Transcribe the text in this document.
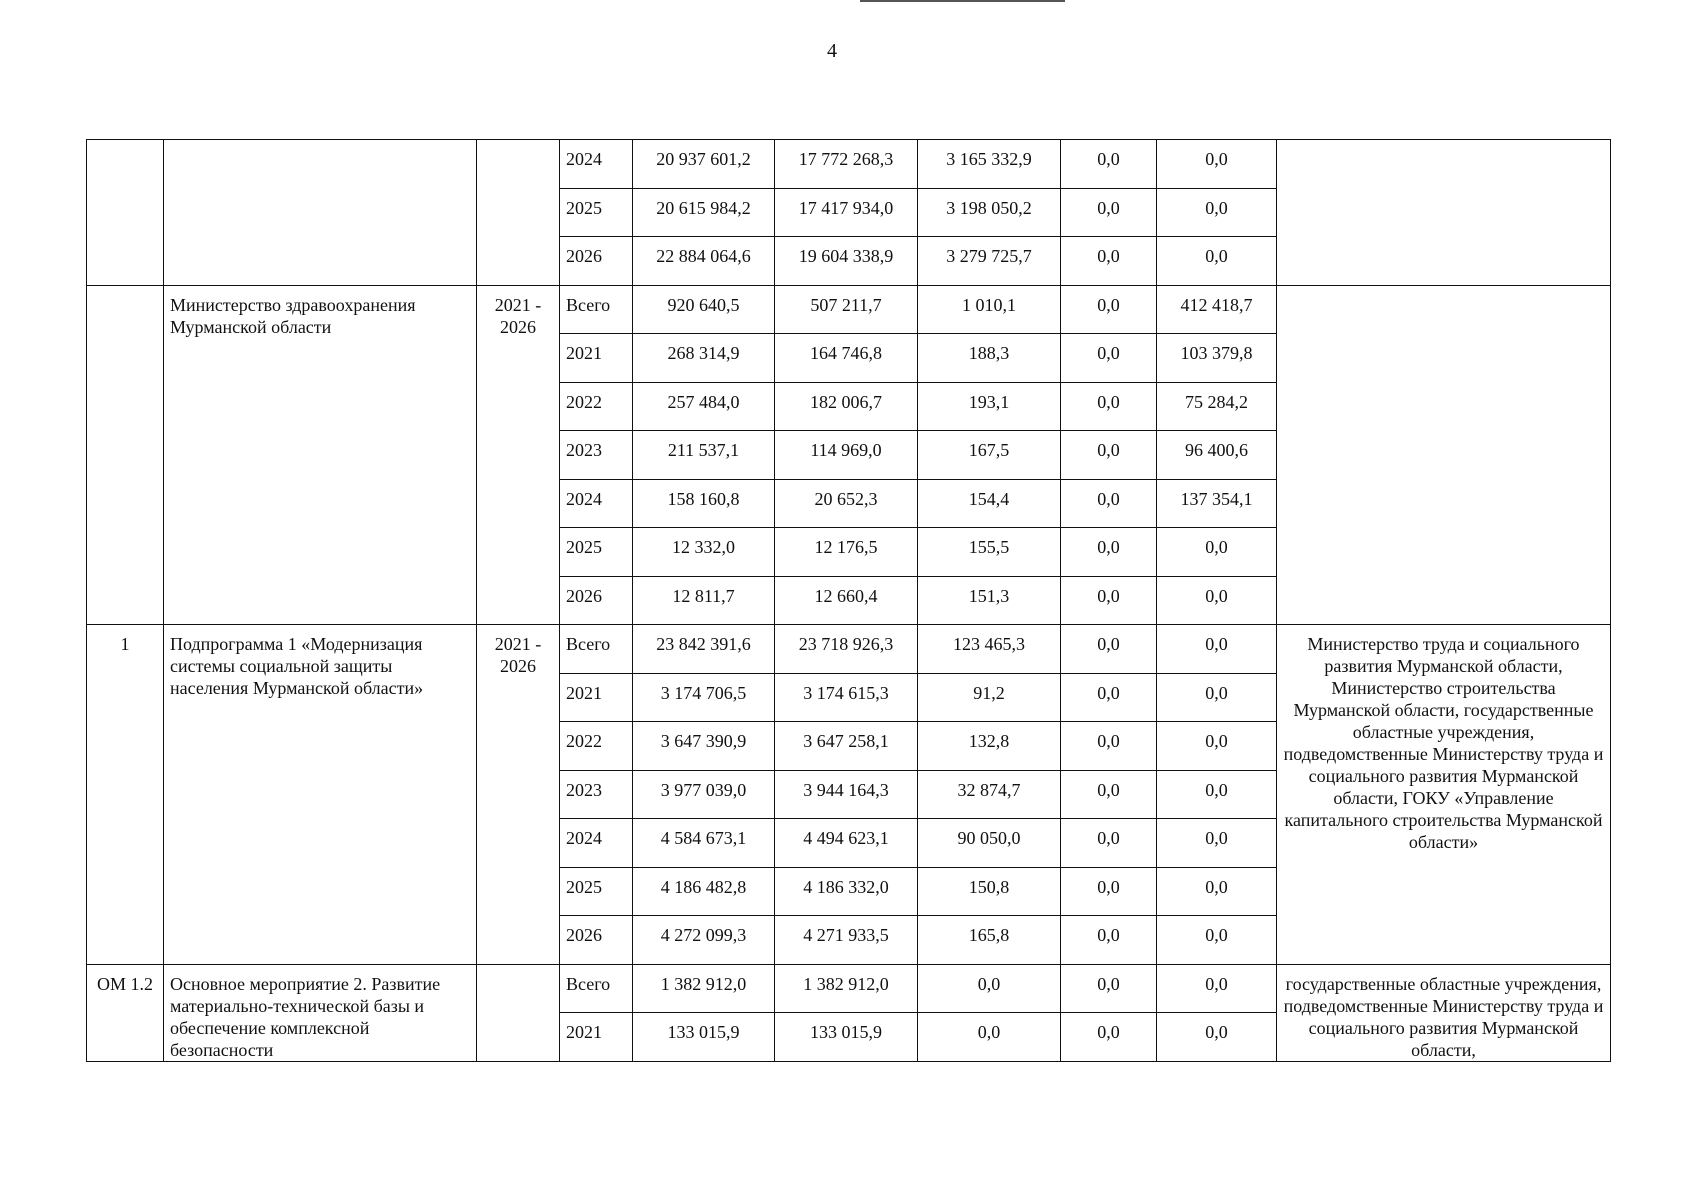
4
			2024	20 937 601,2	17 772 268,3	3 165 332,9	0,0	0,0	
			2025	20 615 984,2	17 417 934,0	3 198 050,2	0,0	0,0	
			2026	22 884 064,6	19 604 338,9	3 279 725,7	0,0	0,0	
	Министерство здравоохранения Мурманской области	2021 - 2026	Всего	920 640,5	507 211,7	1 010,1	0,0	412 418,7	
			2021	268 314,9	164 746,8	188,3	0,0	103 379,8	
			2022	257 484,0	182 006,7	193,1	0,0	75 284,2	
			2023	211 537,1	114 969,0	167,5	0,0	96 400,6	
			2024	158 160,8	20 652,3	154,4	0,0	137 354,1	
			2025	12 332,0	12 176,5	155,5	0,0	0,0	
			2026	12 811,7	12 660,4	151,3	0,0	0,0	
1	Подпрограмма 1 «Модернизация системы социальной защиты населения Мурманской области»	2021 - 2026	Всего	23 842 391,6	23 718 926,3	123 465,3	0,0	0,0	Министерство труда и социального развития Мурманской области, Министерство строительства Мурманской области, государственные областные учреждения, подведомственные Министерству труда и социального развития Мурманской области, ГОКУ «Управление капитального строительства Мурманской области»
			2021	3 174 706,5	3 174 615,3	91,2	0,0	0,0	
			2022	3 647 390,9	3 647 258,1	132,8	0,0	0,0	
			2023	3 977 039,0	3 944 164,3	32 874,7	0,0	0,0	
			2024	4 584 673,1	4 494 623,1	90 050,0	0,0	0,0	
			2025	4 186 482,8	4 186 332,0	150,8	0,0	0,0	
			2026	4 272 099,3	4 271 933,5	165,8	0,0	0,0	
ОМ 1.2	Основное мероприятие 2. Развитие материально-технической базы и обеспечение комплексной безопасности		Всего	1 382 912,0	1 382 912,0	0,0	0,0	0,0	государственные областные учреждения, подведомственные Министерству труда и социального развития Мурманской области,
			2021	133 015,9	133 015,9	0,0	0,0	0,0	
